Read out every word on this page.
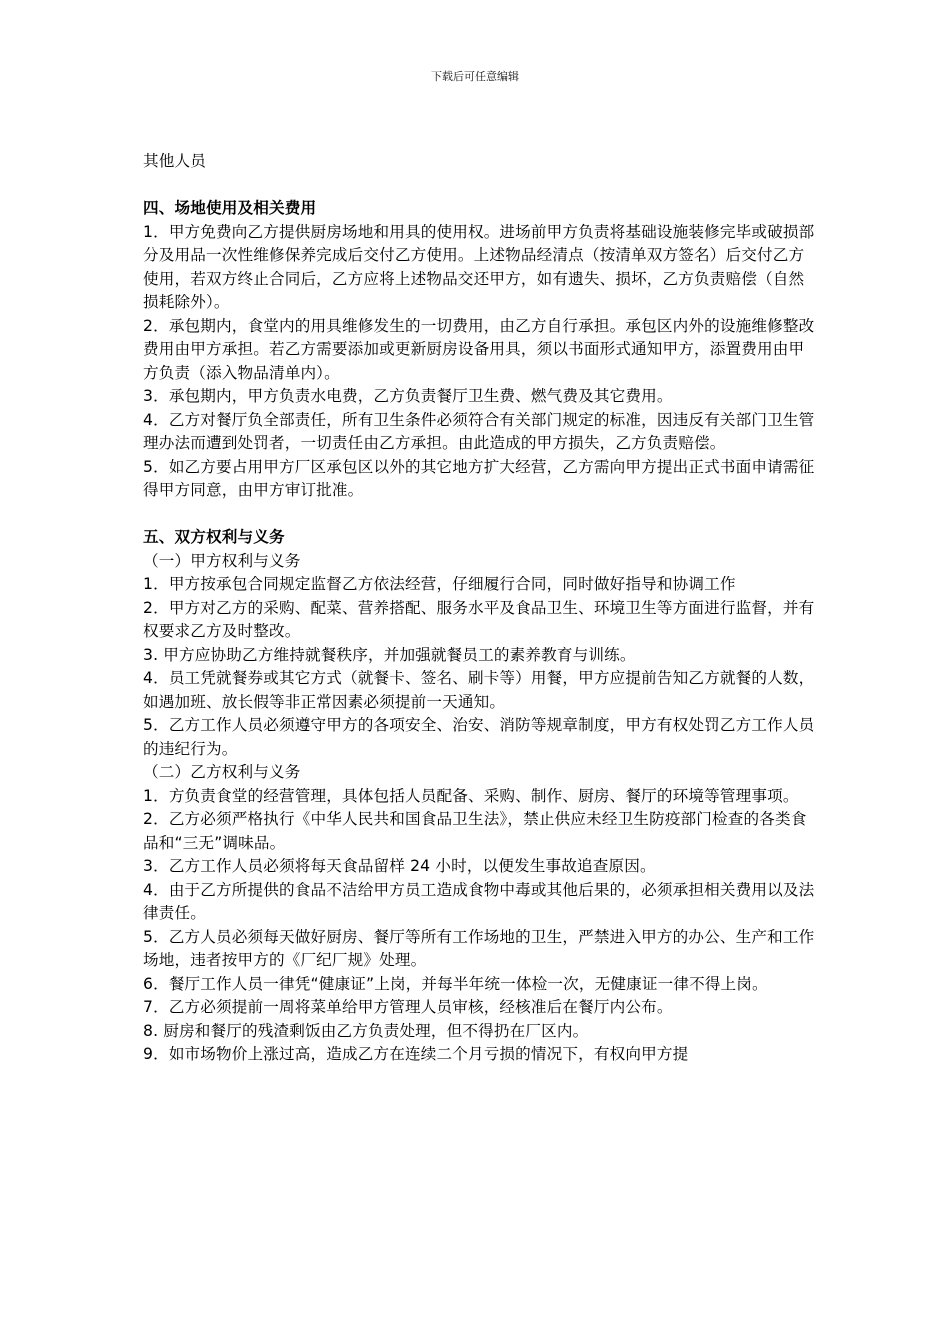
下载后可任意编辑

其他人员

四、场地使用及相关费用

1．甲方免费向乙方提供厨房场地和用具的使用权。进场前甲方负责将基础设施装修完毕或破损部分及用品一次性维修保养完成后交付乙方使用。上述物品经清点（按清单双方签名）后交付乙方使用，若双方终止合同后，乙方应将上述物品交还甲方，如有遗失、损坏，乙方负责赔偿（自然损耗除外）。

2．承包期内，食堂内的用具维修发生的一切费用，由乙方自行承担。承包区内外的设施维修整改费用由甲方承担。若乙方需要添加或更新厨房设备用具，须以书面形式通知甲方，添置费用由甲方负责（添入物品清单内）。

3．承包期内，甲方负责水电费，乙方负责餐厅卫生费、燃气费及其它费用。

4．乙方对餐厅负全部责任，所有卫生条件必须符合有关部门规定的标准，因违反有关部门卫生管理办法而遭到处罚者，一切责任由乙方承担。由此造成的甲方损失，乙方负责赔偿。

5．如乙方要占用甲方厂区承包区以外的其它地方扩大经营，乙方需向甲方提出正式书面申请需征得甲方同意，由甲方审订批准。

五、双方权利与义务

（一）甲方权利与义务

1．甲方按承包合同规定监督乙方依法经营，仔细履行合同，同时做好指导和协调工作

2．甲方对乙方的采购、配菜、营养搭配、服务水平及食品卫生、环境卫生等方面进行监督，并有权要求乙方及时整改。

3. 甲方应协助乙方维持就餐秩序，并加强就餐员工的素养教育与训练。

4．员工凭就餐券或其它方式（就餐卡、签名、刷卡等）用餐，甲方应提前告知乙方就餐的人数，如遇加班、放长假等非正常因素必须提前一天通知。

5．乙方工作人员必须遵守甲方的各项安全、治安、消防等规章制度，甲方有权处罚乙方工作人员的违纪行为。

（二）乙方权利与义务

1．方负责食堂的经营管理，具体包括人员配备、采购、制作、厨房、餐厅的环境等管理事项。

2．乙方必须严格执行《中华人民共和国食品卫生法》，禁止供应未经卫生防疫部门检查的各类食品和“三无”调味品。

3．乙方工作人员必须将每天食品留样 24 小时，以便发生事故追查原因。

4．由于乙方所提供的食品不洁给甲方员工造成食物中毒或其他后果的，必须承担相关费用以及法律责任。

5．乙方人员必须每天做好厨房、餐厅等所有工作场地的卫生，严禁进入甲方的办公、生产和工作场地，违者按甲方的《厂纪厂规》处理。

6．餐厅工作人员一律凭“健康证”上岗，并每半年统一体检一次，无健康证一律不得上岗。

7．乙方必须提前一周将菜单给甲方管理人员审核，经核准后在餐厅内公布。

8. 厨房和餐厅的残渣剩饭由乙方负责处理，但不得扔在厂区内。

9．如市场物价上涨过高，造成乙方在连续二个月亏损的情况下，有权向甲方提
